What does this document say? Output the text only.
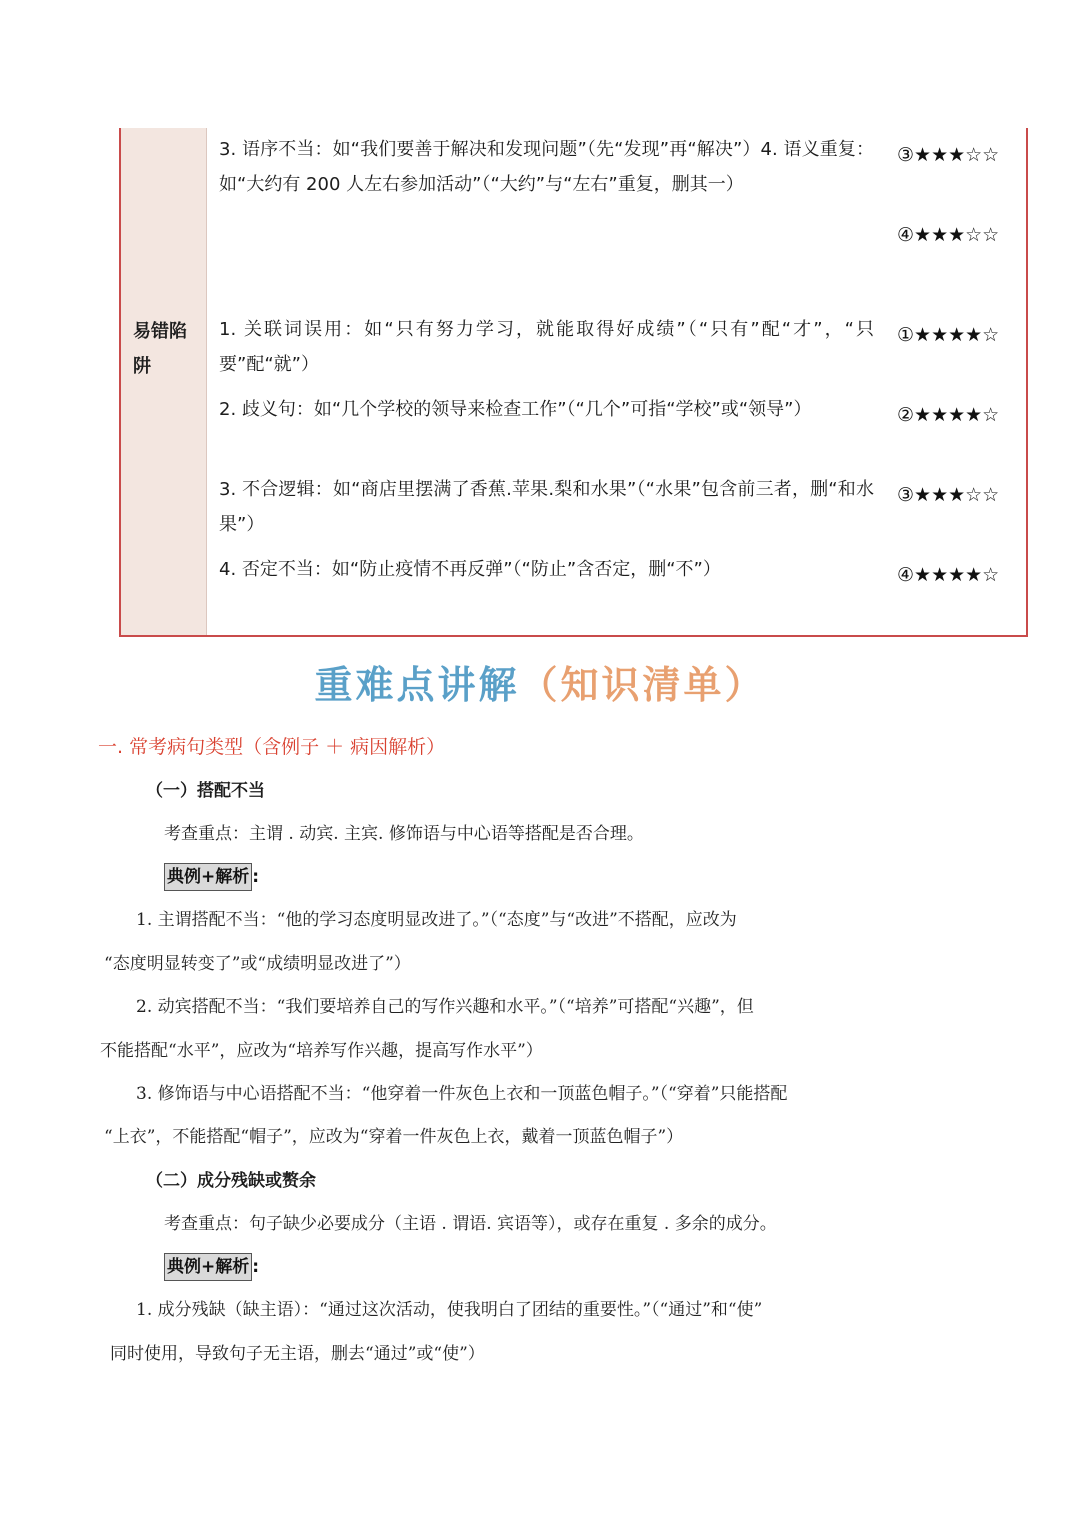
易错陷阱
3. 语序不当：如“我们要善于解决和发现问题”（先“发现”再“解决”）4. 语义重复：如“大约有 200 人左右参加活动”（“大约”与“左右”重复，删其一）
③★★★☆☆
④★★★☆☆
1. 关联词误用：如“只有努力学习，就能取得好成绩”（“只有”配“才”，“只要”配“就”）
①★★★★☆
2. 歧义句：如“几个学校的领导来检查工作”（“几个”可指“学校”或“领导”）	②★★★★☆
3. 不合逻辑：如“商店里摆满了香蕉.苹果.梨和水果”（“水果”包含前三者，删“和水果”）
③★★★☆☆
4. 否定不当：如“防止疫情不再反弹”（“防止”含否定，删“不”）	④★★★★☆
重难点讲解（知识清单）
一. 常考病句类型（含例子 ＋ 病因解析）
（一）搭配不当
考查重点：主谓 . 动宾. 主宾. 修饰语与中心语等搭配是否合理。
典例+解析 :
1. 主谓搭配不当：“他的学习态度明显改进了。”（“态度”与“改进”不搭配，应改为
“态度明显转变了”或“成绩明显改进了”）
2. 动宾搭配不当：“我们要培养自己的写作兴趣和水平。”（“培养”可搭配“兴趣”，但
不能搭配“水平”，应改为“培养写作兴趣，提高写作水平”）
3. 修饰语与中心语搭配不当：“他穿着一件灰色上衣和一顶蓝色帽子。”（“穿着”只能搭配
“上衣”，不能搭配“帽子”，应改为“穿着一件灰色上衣，戴着一顶蓝色帽子”）
（二）成分残缺或赘余
考查重点：句子缺少必要成分（主语 . 谓语. 宾语等），或存在重复 . 多余的成分。
典例+解析 :
1. 成分残缺（缺主语）：“通过这次活动，使我明白了团结的重要性。”（“通过”和“使”
同时使用，导致句子无主语，删去“通过”或“使”）
